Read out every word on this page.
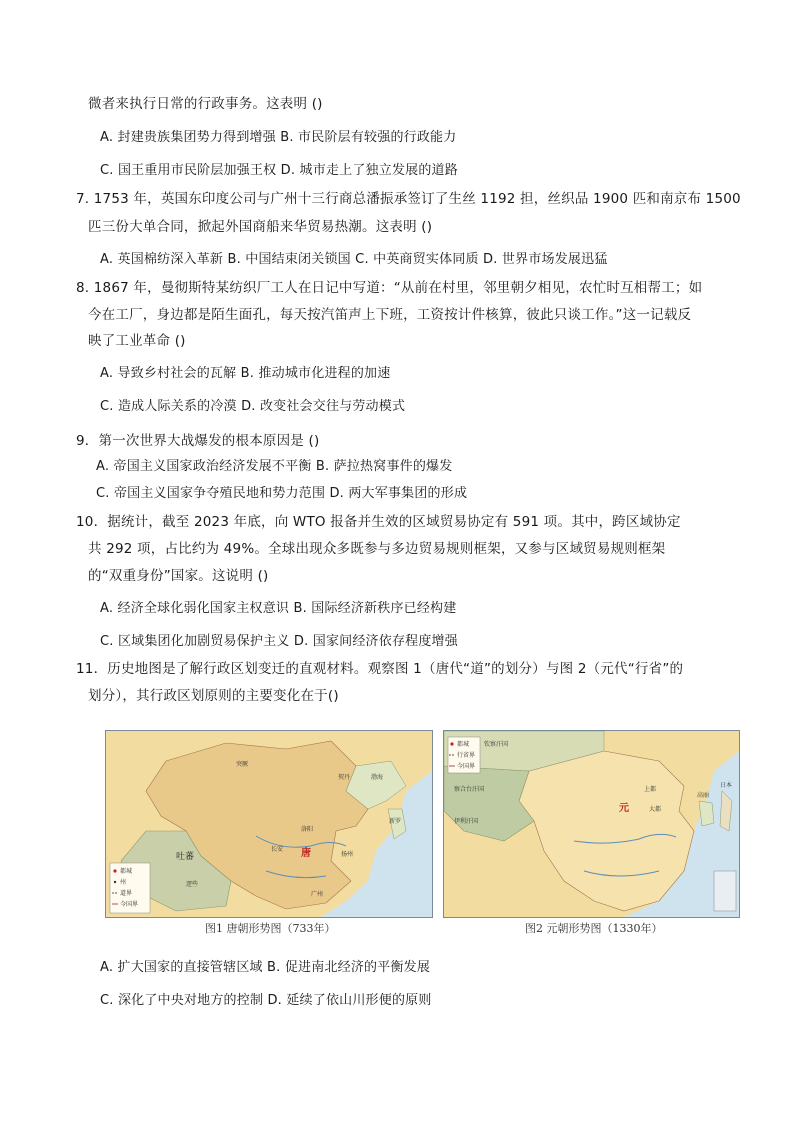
微者来执行日常的行政事务。这表明 ()
A. 封建贵族集团势力得到增强 B. 市民阶层有较强的行政能力
C. 国王重用市民阶层加强王权 D. 城市走上了独立发展的道路
7. 1753 年，英国东印度公司与广州十三行商总潘振承签订了生丝 1192 担，丝织品 1900 匹和南京布 1500
匹三份大单合同，掀起外国商船来华贸易热潮。这表明 ()
A. 英国棉纺深入革新 B. 中国结束闭关锁国 C. 中英商贸实体同质 D. 世界市场发展迅猛
8. 1867 年，曼彻斯特某纺织厂工人在日记中写道：“从前在村里，邻里朝夕相见，农忙时互相帮工；如
今在工厂，身边都是陌生面孔，每天按汽笛声上下班，工资按计件核算，彼此只谈工作。”这一记载反
映了工业革命 ()
A. 导致乡村社会的瓦解 B. 推动城市化进程的加速
C. 造成人际关系的冷漠 D. 改变社会交往与劳动模式
9．第一次世界大战爆发的根本原因是 ()
A. 帝国主义国家政治经济发展不平衡 B. 萨拉热窝事件的爆发
C. 帝国主义国家争夺殖民地和势力范围 D. 两大军事集团的形成
10．据统计，截至 2023 年底，向 WTO 报备并生效的区域贸易协定有 591 项。其中，跨区域协定
共 292 项，占比约为 49%。全球出现众多既参与多边贸易规则框架，又参与区域贸易规则框架
的“双重身份”国家。这说明 ()
A. 经济全球化弱化国家主权意识 B. 国际经济新秩序已经构建
C. 区域集团化加剧贸易保护主义 D. 国家间经济依存程度增强
11．历史地图是了解行政区划变迁的直观材料。观察图 1（唐代“道”的划分）与图 2（元代“行省”的
划分），其行政区划原则的主要变化在于()
唐
吐蕃
长安
逻些
突厥
契丹	渤海
新罗
广州
洛阳
扬州
都城
州
道界
今国界
图1 唐朝形势图（733年）
元	大都
上都
察合台汗国
钦察汗国
伊利汗国
高丽
日本
都城
行省界
今国界
图2 元朝形势图（1330年）
A. 扩大国家的直接管辖区域 B. 促进南北经济的平衡发展
C. 深化了中央对地方的控制 D. 延续了依山川形便的原则
